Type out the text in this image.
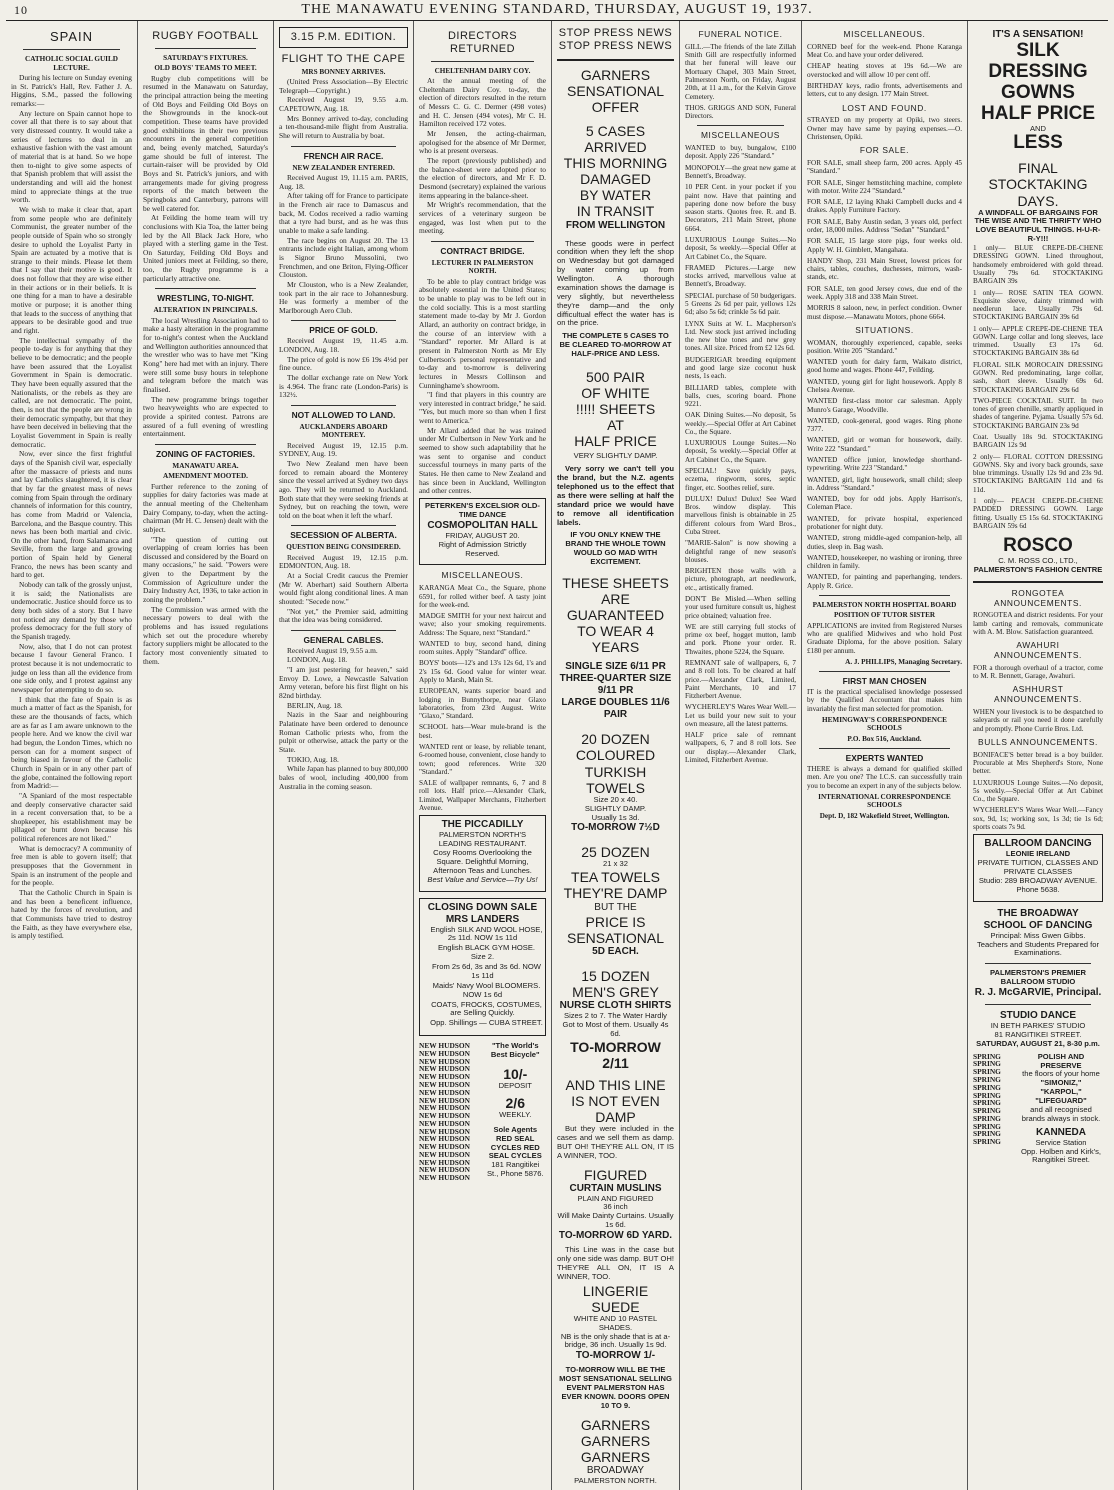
10	THE MANAWATU EVENING STANDARD, THURSDAY, AUGUST 19, 1937.
SPAIN
CATHOLIC SOCIAL GUILD LECTURE.

During his lecture on Sunday evening in St. Patrick's Hall, Rev. Father J. A. Higgins, S.M., passed the following remarks:—

Any lecture on Spain cannot hope to cover all that there is to say about that very distressed country. It would take a series of lectures to deal in an exhaustive fashion with the vast amount of material that is at hand. So we hope then to-night to give some aspects of that Spanish problem that will assist the understanding and will aid the honest mind to appreciate things at the true worth.

We wish to make it clear that, apart from some people who are definitely Communist, the greater number of the people outside of Spain who so strongly desire to uphold the Loyalist Party in Spain are actuated by a motive that is strange to their minds. Please let them that I say that their motive is good. It does not follow that they are wise either in their actions or in their beliefs. It is one thing for a man to have a desirable motive or purpose; it is another thing that leads to the success of anything that appears to be desirable good and true and right.

The intellectual sympathy of the people to-day is for anything that they believe to be democratic; and the people have been assured that the Loyalist Government in Spain is democratic. They have been equally assured that the Nationalists, or the rebels as they are called, are not democratic. The point, then, is not that the people are wrong in their democratic sympathy, but that they have been deceived in believing that the Loyalist Government in Spain is really democratic.

Now, ever since the first frightful days of the Spanish civil war, especially after the massacre of priests and nuns and lay Catholics slaughtered, it is clear that by far the greatest mass of news coming from Spain through the ordinary channels of information for this country, has come from Madrid or Valencia, Barcelona, and the Basque country. This news has been both martial and civic. On the other hand, from Salamanca and Seville, from the large and growing portion of Spain held by General Franco, the news has been scanty and hard to get.

Nobody can talk of the grossly unjust, it is said; the Nationalists are undemocratic. Justice should force us to deny both sides of a story. But I have not noticed any demand by those who profess democracy for the full story of the Spanish tragedy.

Now, also, that I do not can protest because I favour General Franco. I protest because it is not undemocratic to judge on less than all the evidence from one side only, and I protest against any newspaper for attempting to do so.

I think that the fate of Spain is as much a matter of fact as the Spanish, for these are the thousands of facts, which are as far as I am aware unknown to the people here. And we know the civil war had begun, the London Times, which no person can for a moment suspect of being biased in favour of the Catholic Church in Spain or in any other part of the globe, contained the following report from Madrid:—

"A Spaniard of the most respectable and deeply conservative character said in a recent conversation that, to be a shopkeeper, his establishment may be pillaged or burnt down because his political references are not liked."

What is democracy? A community of free men is able to govern itself; that presupposes that the Government in Spain is an instrument of the people and for the people.

That the Catholic Church in Spain is and has been a beneficent influence, hated by the forces of revolution, and that Communists have tried to destroy the Faith, as they have everywhere else, is amply testified.

RUGBY FOOTBALL
SATURDAY'S FIXTURES.
OLD BOYS' TEAMS TO MEET.

Rugby club competitions will be resumed in the Manawatu on Saturday, the principal attraction being the meeting of Old Boys and Feilding Old Boys on the Showgrounds in the knock-out competition. These teams have provided good exhibitions in their two previous encounters in the general competition and, being evenly matched, Saturday's game should be full of interest. The curtain-raiser will be provided by Old Boys and St. Patrick's juniors, and with arrangements made for giving progress reports of the match between the Springboks and Canterbury, patrons will be well catered for.

At Feilding the home team will try conclusions with Kia Toa, the latter being led by the All Black Jack Hore, who played with a sterling game in the Test. On Saturday, Feilding Old Boys and United juniors meet at Feilding, so there, too, the Rugby programme is a particularly attractive one.

WRESTLING, TO-NIGHT.
ALTERATION IN PRINCIPALS.

The local Wrestling Association had to make a hasty alteration in the programme for to-night's contest when the Auckland and Wellington authorities announced that the wrestler who was to have met "King Kong" here had met with an injury. There were still some busy hours in telephone and telegram before the match was finalised.

The new programme brings together two heavyweights who are expected to provide a spirited contest. Patrons are assured of a full evening of wrestling entertainment.

ZONING OF FACTORIES.
MANAWATU AREA.
AMENDMENT MOOTED.

Further reference to the zoning of supplies for dairy factories was made at the annual meeting of the Cheltenham Dairy Company, to-day, when the acting-chairman (Mr H. C. Jensen) dealt with the subject.

"The question of cutting out overlapping of cream lorries has been discussed and considered by the Board on many occasions," he said. "Powers were given to the Department by the Commission of Agriculture under the Dairy Industry Act, 1936, to take action in zoning the problem."

The Commission was armed with the necessary powers to deal with the problems and has issued regulations which set out the procedure whereby factory suppliers might be allocated to the factory most conveniently situated to them.

3.15 P.M. EDITION.
FLIGHT TO THE CAPE
MRS BONNEY ARRIVES.

(United Press Association—By Electric Telegraph—Copyright.)

Received August 19, 9.55 a.m. CAPETOWN, Aug. 18.

Mrs Bonney arrived to-day, concluding a ten-thousand-mile flight from Australia. She will return to Australia by boat.

FRENCH AIR RACE.
NEW ZEALANDER ENTERED.

Received August 19, 11.15 a.m. PARIS, Aug. 18.

After taking off for France to participate in the French air race to Damascus and back, M. Codos received a radio warning that a tyre had burst, and as he was thus unable to make a safe landing.

The race begins on August 20. The 13 entrants include eight Italian, among whom is Signor Bruno Mussolini, two Frenchmen, and one Briton, Flying-Officer Clouston.

Mr Clouston, who is a New Zealander, took part in the air race to Johannesburg. He was formerly a member of the Marlborough Aero Club.

PRICE OF GOLD.

Received August 19, 11.45 a.m. LONDON, Aug. 18.

The price of gold is now £6 19s 4½d per fine ounce.

The dollar exchange rate on New York is 4.964. The franc rate (London-Paris) is 132½.

NOT ALLOWED TO LAND.
AUCKLANDERS ABOARD MONTEREY.

Received August 19, 12.15 p.m. SYDNEY, Aug. 19.

Two New Zealand men have been forced to remain aboard the Monterey since the vessel arrived at Sydney two days ago. They will be returned to Auckland. Both state that they were seeking friends at Sydney, but on reaching the town, were told on the boat when it left the wharf.

SECESSION OF ALBERTA.
QUESTION BEING CONSIDERED.

Received August 19, 12.15 p.m. EDMONTON, Aug. 18.

At a Social Credit caucus the Premier (Mr W. Aberhart) said Southern Alberta would fight along conditional lines. A man shouted: "Secede now."

"Not yet," the Premier said, admitting that the idea was being considered.

GENERAL CABLES.

Received August 19, 9.55 a.m.

LONDON, Aug. 18.

"I am just pestering for heaven," said Envoy D. Lowe, a Newcastle Salvation Army veteran, before his first flight on his 82nd birthday.

BERLIN, Aug. 18.

Nazis in the Saar and neighbouring Palatinate have been ordered to denounce Roman Catholic priests who, from the pulpit or otherwise, attack the party or the State.

TOKIO, Aug. 18.

While Japan has planned to buy 800,000 bales of wool, including 400,000 from Australia in the coming season.

DIRECTORS RETURNED
CHELTENHAM DAIRY COY.

At the annual meeting of the Cheltenham Dairy Coy. to-day, the election of directors resulted in the return of Messrs C. G. C. Dermer (498 votes) and H. C. Jensen (494 votes), Mr C. H. Hamilton received 172 votes.

Mr Jensen, the acting-chairman, apologised for the absence of Mr Dermer, who is at present overseas.

The report (previously published) and the balance-sheet were adopted prior to the election of directors, and Mr F. D. Desmond (secretary) explained the various items appearing in the balance-sheet.

Mr Wright's recommendation, that the services of a veterinary surgeon be engaged, was lost when put to the meeting.

CONTRACT BRIDGE.
LECTURER IN PALMERSTON NORTH.

To be able to play contract bridge was absolutely essential in the United States; to be unable to play was to be left out in the cold socially. This is a most startling statement made to-day by Mr J. Gordon Allard, an authority on contract bridge, in the course of an interview with a "Standard" reporter. Mr Allard is at present in Palmerston North as Mr Ely Culbertson's personal representative and to-day and to-morrow is delivering lectures in Messrs Collinson and Cunninghame's showroom.

"I find that players in this country are very interested in contract bridge," he said. "Yes, but much more so than when I first went to America."

Mr Allard added that he was trained under Mr Culbertson in New York and he seemed to show such adaptability that he was sent to organise and conduct successful tourneys in many parts of the States. He then came to New Zealand and has since been in Auckland, Wellington and other centres.

PETERKEN'S EXCELSIOR OLD-TIME DANCE
COSMOPOLITAN HALL
FRIDAY, AUGUST 20.
Right of Admission Strictly Reserved.
MISCELLANEOUS.

KARANGA Meat Co., the Square, phone 6591, for rolled wither beef. A tasty joint for the week-end.

MADGE SMITH for your next haircut and wave; also your smoking requirements. Address: The Square, next "Standard."

WANTED to buy, second hand, dining room suites. Apply "Standard" office.

BOYS' boots—12's and 13's 12s 6d, 1's and 2's 15s 6d. Good value for winter wear. Apply to Marsh, Main St.

EUROPEAN, wants superior board and lodging in Bunnythorpe, near Glaxo laboratories, from 23rd August. Write "Glaxo," Standard.

SCHOOL hats—Wear mule-brand is the best.

WANTED rent or lease, by reliable tenant, 6-roomed house, convenient, close handy to town; good references. Write 320 "Standard."

SALE of wallpaper remnants, 6, 7 and 8 roll lots. Half price.—Alexander Clark, Limited, Wallpaper Merchants, Fitzherbert Avenue.

THE PICCADILLY
PALMERSTON NORTH'S LEADING RESTAURANT.
Cosy Rooms Overlooking the Square. Delightful Morning, Afternoon Teas and Lunches.
Best Value and Service—Try Us!
CLOSING DOWN SALE MRS LANDERS

English SILK AND WOOL HOSE, 2s 11d. NOW 1s 11d

English BLACK GYM HOSE. Size 2.

From 2s 6d, 3s and 3s 6d. NOW 1s 11d

Maids' Navy Wool BLOOMERS. NOW 1s 6d

COATS, FROCKS, COSTUMES, are Selling Quickly.

Opp. Shillings — CUBA STREET.

NEW HUDSON
NEW HUDSON
NEW HUDSON
NEW HUDSON
NEW HUDSON
NEW HUDSON
NEW HUDSON
NEW HUDSON
NEW HUDSON
NEW HUDSON
NEW HUDSON
NEW HUDSON
NEW HUDSON
NEW HUDSON
NEW HUDSON
NEW HUDSON
NEW HUDSON
NEW HUDSON
"The World's Best Bicycle"
10/-
DEPOSIT
2/6
WEEKLY.
Sole Agents RED SEAL CYCLES RED SEAL CYCLES
181 Rangitikei St., Phone 5876.
STOP PRESS NEWS
STOP PRESS NEWS
GARNERS
SENSATIONAL
OFFER
5 CASES
ARRIVED
THIS MORNING
DAMAGED
BY WATER
IN TRANSIT
FROM WELLINGTON

These goods were in perfect condition when they left the shop on Wednesday but got damaged by water coming up from Wellington. A thorough examination shows the damage is very slightly, but nevertheless they're damp—and the only difficultual effect the water has is on the price.

THE COMPLETE 5 CASES TO BE CLEARED TO-MORROW AT HALF-PRICE AND LESS.
500 PAIR
OF WHITE
!!!!! SHEETS
AT
HALF PRICE
VERY SLIGHTLY DAMP.

Very sorry we can't tell you the brand, but the N.Z. agents telephoned us to the effect that as there were selling at half the standard price we would have to remove all identification labels.

IF YOU ONLY KNEW THE BRAND THE WHOLE TOWN WOULD GO MAD WITH EXCITEMENT.
THESE SHEETS ARE GUARANTEED TO WEAR 4 YEARS
SINGLE SIZE 6/11 PR
THREE-QUARTER SIZE 9/11 PR
LARGE DOUBLES 11/6 PAIR
20 DOZEN
COLOURED
TURKISH TOWELS
Size 20 x 40.
SLIGHTLY DAMP.
Usually 1s 3d.
TO-MORROW 7½D
25 DOZEN
21 x 32
TEA TOWELS
THEY'RE DAMP
BUT THE
PRICE IS
SENSATIONAL
5D EACH.
15 DOZEN
MEN'S GREY
NURSE CLOTH SHIRTS
Sizes 2 to 7. The Water Hardly Got to Most of them. Usually 4s 6d.
TO-MORROW 2/11
AND THIS LINE IS NOT EVEN DAMP

But they were included in the cases and we sell them as damp. BUT OH! THEY'RE ALL ON, IT IS A WINNER, TOO.

FIGURED
CURTAIN MUSLINS
PLAIN AND FIGURED
36 inch
Will Make Dainty Curtains. Usually 1s 6d.
TO-MORROW 6D YARD.

This Line was in the case but only one side was damp. BUT OH! THEY'RE ALL ON, IT IS A WINNER, TOO.

LINGERIE
SUEDE
WHITE AND 10 PASTEL SHADES.
NB is the only shade that is at a-bridge, 36 inch. Usually 1s 9d.
TO-MORROW 1/-
TO-MORROW WILL BE THE MOST SENSATIONAL SELLING EVENT PALMERSTON HAS EVER KNOWN. DOORS OPEN 10 TO 9.
GARNERS
GARNERS
GARNERS
BROADWAY
PALMERSTON NORTH.
FUNERAL NOTICE.

GILL.—The friends of the late Zillah Smith Gill are respectfully informed that her funeral will leave our Mortuary Chapel, 303 Main Street, Palmerston North, on Friday, August 20th, at 11 a.m., for the Kelvin Grove Cemetery.

THOS. GRIGGS AND SON, Funeral Directors.

MISCELLANEOUS

WANTED to buy, bungalow, £100 deposit. Apply 226 "Standard."

MONOPOLY—the great new game at Bennett's, Broadway.

10 PER Cent. in your pocket if you paint now. Have that painting and papering done now before the busy season starts. Quotes free. R. and B. Decorators, 211 Main Street, phone 6664.

LUXURIOUS Lounge Suites.—No deposit, 5s weekly.—Special Offer at Art Cabinet Co., the Square.

FRAMED Pictures.—Large new stocks arrived, marvellous value at Bennett's, Broadway.

SPECIAL purchase of 50 budgerigars. 5 Greens 2s 6d per pair, yellows 12s 6d; also 5s 6d; crinkle 5s 6d pair.

LYNX Suits at W. L. Macpherson's Ltd. New stock just arrived including the new blue tones and new grey tones. All size. Priced from £2 12s 6d.

BUDGERIGAR breeding equipment and good large size coconut husk nests, 1s each.

BILLIARD tables, complete with balls, cues, scoring board. Phone 9221.

OAK Dining Suites.—No deposit, 5s weekly.—Special Offer at Art Cabinet Co., the Square.

LUXURIOUS Lounge Suites.—No deposit, 5s weekly.—Special Offer at Art Cabinet Co., the Square.

SPECIAL! Save quickly pays, eczema, ringworm, sores, septic finger, etc. Soothes relief, sure.

DULUX! Dulux! Dulux! See Ward Bros. window display. This marvellous finish is obtainable in 25 different colours from Ward Bros., Cuba Street.

"MARIE-Salon" is now showing a delightful range of new season's blouses.

BRIGHTEN those walls with a picture, photograph, art needlework, etc., artistically framed.

DON'T Be Misled.—When selling your used furniture consult us, highest price obtained; valuation free.

WE are still carrying full stocks of prime ox beef, hogget mutton, lamb and pork. Phone your order. R. Thwaites, phone 5224, the Square.

REMNANT sale of wallpapers, 6, 7 and 8 roll lots. To be cleared at half price.—Alexander Clark, Limited, Paint Merchants, 10 and 17 Fitzherbert Avenue.

WYCHERLEY'S Wares Wear Well.—Let us build your new suit to your own measure, all the latest patterns.

HALF price sale of remnant wallpapers, 6, 7 and 8 roll lots. See our display.—Alexander Clark, Limited, Fitzherbert Avenue.

MISCELLANEOUS.

CORNED beef for the week-end. Phone Karanga Meat Co. and have your order delivered.

CHEAP heating stoves at 19s 6d.—We are overstocked and will allow 10 per cent off.

BIRTHDAY keys, radio fronts, advertisements and letters, cut to any design. 177 Main Street.

LOST AND FOUND.

STRAYED on my property at Opiki, two steers. Owner may have same by paying expenses.—O. Christensen, Opiki.

FOR SALE.

FOR SALE, small sheep farm, 200 acres. Apply 45 "Standard."

FOR SALE, Singer hemstitching machine, complete with motor. Write 224 "Standard."

FOR SALE, 12 laying Khaki Campbell ducks and 4 drakes. Apply Furniture Factory.

FOR SALE, Baby Austin sedan, 3 years old, perfect order, 18,000 miles. Address "Sedan" "Standard."

FOR SALE, 15 large store pigs, four weeks old. Apply W. H. Gimblett, Mangahata.

HANDY Shop, 231 Main Street, lowest prices for chairs, tables, couches, duchesses, mirrors, wash-stands, etc.

FOR SALE, ten good Jersey cows, due end of the week. Apply 318 and 338 Main Street.

MORRIS 8 saloon, new, in perfect condition. Owner must dispose.—Manawatu Motors, phone 6664.

SITUATIONS.

WOMAN, thoroughly experienced, capable, seeks position. Write 205 "Standard."

WANTED youth for dairy farm, Waikato district, good home and wages. Phone 447, Feilding.

WANTED, young girl for light housework. Apply 8 Chelsea Avenue.

WANTED first-class motor car salesman. Apply Munro's Garage, Woodville.

WANTED, cook-general, good wages. Ring phone 7377.

WANTED, girl or woman for housework, daily. Write 222 "Standard."

WANTED office junior, knowledge shorthand-typewriting. Write 223 "Standard."

WANTED, girl, light housework, small child; sleep in. Address "Standard."

WANTED, boy for odd jobs. Apply Harrison's, Coleman Place.

WANTED, for private hospital, experienced probationer for night duty.

WANTED, strong middle-aged companion-help, all duties, sleep in. Bag wash.

WANTED, housekeeper, no washing or ironing, three children in family.

WANTED, for painting and paperhanging, tenders. Apply R. Grice.

PALMERSTON NORTH HOSPITAL BOARD
POSITION OF TUTOR SISTER

APPLICATIONS are invited from Registered Nurses who are qualified Midwives and who hold Post Graduate Diploma, for the above position. Salary £180 per annum.

A. J. PHILLIPS, Managing Secretary.
FIRST MAN CHOSEN

IT is the practical specialised knowledge possessed by the Qualified Accountant that makes him invariably the first man selected for promotion.

HEMINGWAY'S CORRESPONDENCE SCHOOLS
P.O. Box 516, Auckland.
EXPERTS WANTED

THERE is always a demand for qualified skilled men. Are you one? The I.C.S. can successfully train you to become an expert in any of the subjects below.

INTERNATIONAL CORRESPONDENCE SCHOOLS
Dept. D, 182 Wakefield Street, Wellington.
IT'S A SENSATION!
SILK
DRESSING
GOWNS
HALF PRICE
AND
LESS
FINAL STOCKTAKING DAYS.
A WINDFALL OF BARGAINS FOR THE WISE AND THE THRIFTY WHO LOVE BEAUTIFUL THINGS. H-U-R-R-Y!!!

1 only— BLUE CREPE-DE-CHENE DRESSING GOWN. Lined throughout, handsomely embroidered with gold thread. Usually 79s 6d. STOCKTAKING BARGAIN 39s

1 only— ROSE SATIN TEA GOWN. Exquisite sleeve, dainty trimmed with needlerun lace. Usually 79s 6d. STOCKTAKING BARGAIN 39s 6d

1 only— APPLE CREPE-DE-CHENE TEA GOWN. Large collar and long sleeves, lace trimmed. Usually £3 17s 6d. STOCKTAKING BARGAIN 38s 6d

FLORAL SILK MOROCAIN DRESSING GOWN. Red predominating, large collar, sash, short sleeve. Usually 69s 6d. STOCKTAKING BARGAIN 29s 6d

TWO-PIECE COCKTAIL SUIT. In two tones of green chenille, smartly appliqued in shades of tangerine. Pyjama. Usually 57s 6d. STOCKTAKING BARGAIN 23s 9d

Coat. Usually 18s 9d. STOCKTAKING BARGAIN 12s 9d

2 only— FLORAL COTTON DRESSING GOWNS. Sky and ivory back grounds, saxe blue trimmings. Usually 12s 9d and 23s 9d. STOCKTAKING BARGAIN 11d and 6s 11d.

1 only— PEACH CREPE-DE-CHENE PADDED DRESSING GOWN. Large fitting. Usually £5 15s 6d. STOCKTAKING BARGAIN 59s 6d

ROSCO
C. M. ROSS CO., LTD.,
PALMERSTON'S FASHION CENTRE
RONGOTEA ANNOUNCEMENTS.

RONGOTEA and district residents. For your lamb carting and removals, communicate with A. M. Blow. Satisfaction guaranteed.

AWAHURI ANNOUNCEMENTS.

FOR a thorough overhaul of a tractor, come to M. R. Bennett, Garage, Awahuri.

ASHHURST ANNOUNCEMENTS.

WHEN your livestock is to be despatched to saleyards or rail you need it done carefully and promptly. Phone Currie Bros. Ltd.

BULLS ANNOUNCEMENTS.

BONIFACE'S better bread is a boy builder. Procurable at Mrs Shepherd's Store, None better.

LUXURIOUS Lounge Suites.—No deposit, 5s weekly.—Special Offer at Art Cabinet Co., the Square.

WYCHERLEY'S Wares Wear Well.—Fancy sox, 9d, 1s; working sox, 1s 3d; tie 1s 6d; sports coats 7s 9d.

BALLROOM DANCING
LEONIE IRELAND
PRIVATE TUITION, CLASSES AND PRIVATE CLASSES
Studio: 289 BROADWAY AVENUE. Phone 5638.
THE BROADWAY
SCHOOL OF DANCING
Principal: Miss Gwen Gibbs.
Teachers and Students Prepared for Examinations.
PALMERSTON'S PREMIER BALLROOM STUDIO
R. J. McGARVIE, Principal.
STUDIO DANCE
IN BETH PARKES' STUDIO
81 RANGITIKEI STREET.
SATURDAY, AUGUST 21, 8-30 p.m.
SPRING
SPRING
SPRING
SPRING
SPRING
SPRING
SPRING
SPRING
SPRING
SPRING
SPRING
SPRING
POLISH AND PRESERVE
the floors of your home
"SIMONIZ," "KARPOL," "LIFEGUARD"
and all recognised brands always in stock.
KANNEDA
Service Station
Opp. Holben and Kirk's,
Rangitikei Street.
